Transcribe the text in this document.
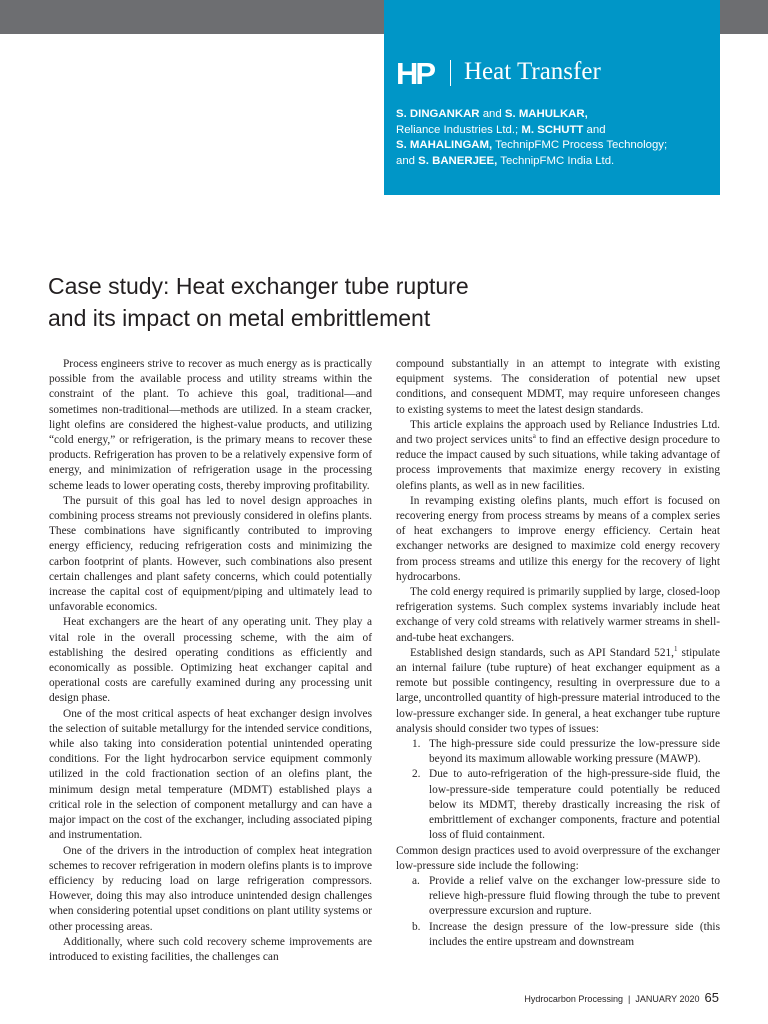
HP Heat Transfer
S. DINGANKAR and S. MAHULKAR,
Reliance Industries Ltd.; M. SCHUTT and
S. MAHALINGAM, TechnipFMC Process Technology;
and S. BANERJEE, TechnipFMC India Ltd.
Case study: Heat exchanger tube rupture
and its impact on metal embrittlement

Process engineers strive to recover as much energy as is practically possible from the available process and utility streams within the constraint of the plant. To achieve this goal, traditional—and sometimes non-traditional—methods are utilized. In a steam cracker, light olefins are considered the highest-value products, and utilizing “cold energy,” or refrigeration, is the primary means to recover these products. Refrigeration has proven to be a relatively expensive form of energy, and minimization of refrigeration usage in the processing scheme leads to lower operating costs, thereby improving profitability.

The pursuit of this goal has led to novel design approaches in combining process streams not previously considered in olefins plants. These combinations have significantly contributed to improving energy efficiency, reducing refrigeration costs and minimizing the carbon footprint of plants. However, such combinations also present certain challenges and plant safety concerns, which could potentially increase the capital cost of equipment/piping and ultimately lead to unfavorable economics.

Heat exchangers are the heart of any operating unit. They play a vital role in the overall processing scheme, with the aim of establishing the desired operating conditions as efficiently and economically as possible. Optimizing heat exchanger capital and operational costs are carefully examined during any processing unit design phase.

One of the most critical aspects of heat exchanger design involves the selection of suitable metallurgy for the intended service conditions, while also taking into consideration potential unintended operating conditions. For the light hydrocarbon service equipment commonly utilized in the cold fractionation section of an olefins plant, the minimum design metal temperature (MDMT) established plays a critical role in the selection of component metallurgy and can have a major impact on the cost of the exchanger, including associated piping and instrumentation.

One of the drivers in the introduction of complex heat integration schemes to recover refrigeration in modern olefins plants is to improve efficiency by reducing load on large refrigeration compressors. However, doing this may also introduce unintended design challenges when considering potential upset conditions on plant utility systems or other processing areas.

Additionally, where such cold recovery scheme improvements are introduced to existing facilities, the challenges can

compound substantially in an attempt to integrate with existing equipment systems. The consideration of potential new upset conditions, and consequent MDMT, may require unforeseen changes to existing systems to meet the latest design standards.

This article explains the approach used by Reliance Industries Ltd. and two project services units$^a$ to find an effective design procedure to reduce the impact caused by such situations, while taking advantage of process improvements that maximize energy recovery in existing olefins plants, as well as in new facilities.

In revamping existing olefins plants, much effort is focused on recovering energy from process streams by means of a complex series of heat exchangers to improve energy efficiency. Certain heat exchanger networks are designed to maximize cold energy recovery from process streams and utilize this energy for the recovery of light hydrocarbons.

The cold energy required is primarily supplied by large, closed-loop refrigeration systems. Such complex systems invariably include heat exchange of very cold streams with relatively warmer streams in shell-and-tube heat exchangers.

Established design standards, such as API Standard 521,$^1$ stipulate an internal failure (tube rupture) of heat exchanger equipment as a remote but possible contingency, resulting in overpressure due to a large, uncontrolled quantity of high-pressure material introduced to the low-pressure exchanger side. In general, a heat exchanger tube rupture analysis should consider two types of issues:

1. The high-pressure side could pressurize the low-pressure side beyond its maximum allowable working pressure (MAWP).
2. Due to auto-refrigeration of the high-pressure-side fluid, the low-pressure-side temperature could potentially be reduced below its MDMT, thereby drastically increasing the risk of embrittlement of exchanger components, fracture and potential loss of fluid containment.

Common design practices used to avoid overpressure of the exchanger low-pressure side include the following:

a. Provide a relief valve on the exchanger low-pressure side to relieve high-pressure fluid flowing through the tube to prevent overpressure excursion and rupture.
b. Increase the design pressure of the low-pressure side (this includes the entire upstream and downstream
Hydrocarbon Processing | JANUARY 2020 65
